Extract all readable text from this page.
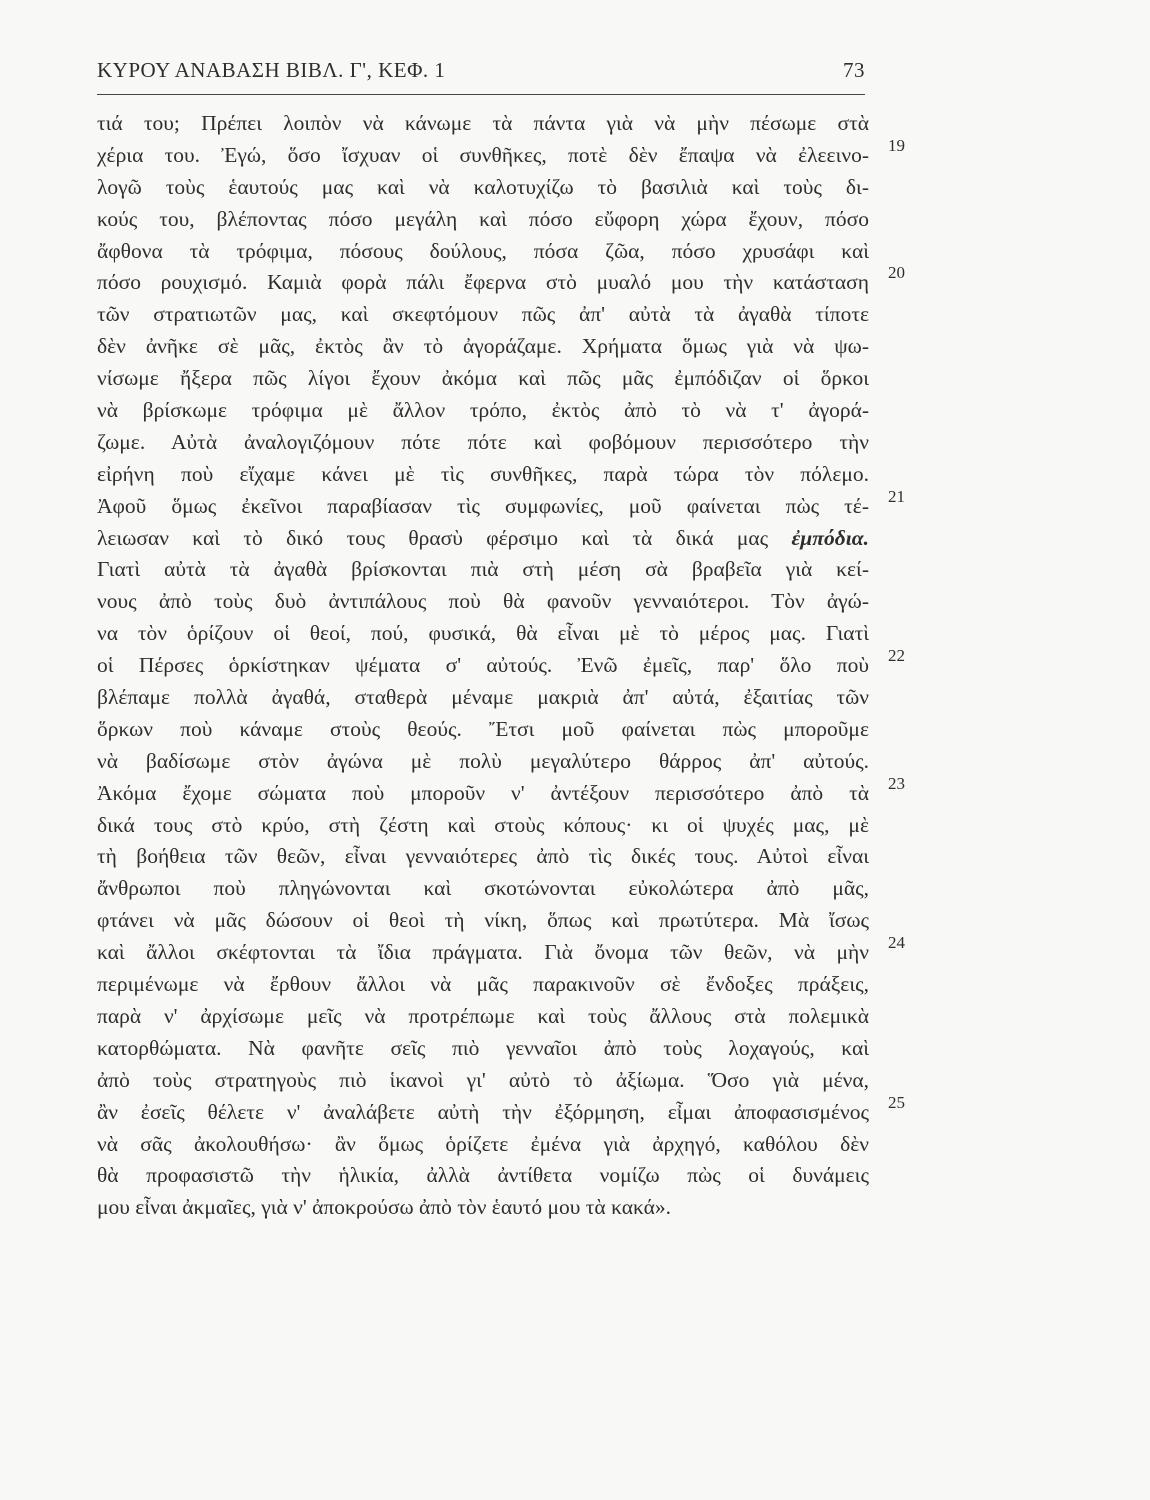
ΚΥΡΟΥ ΑΝΑΒΑΣΗ ΒΙΒΛ. Γ', ΚΕΦ. 1	73
τιά του; Πρέπει λοιπὸν νὰ κάνωμε τὰ πάντα γιὰ νὰ μὴν πέσωμε στὰ
χέρια του. Ἐγώ, ὅσο ἴσχυαν οἱ συνθῆκες, ποτὲ δὲν ἔπαψα νὰ ἐλεεινο- 19
λογῶ τοὺς ἑαυτούς μας καὶ νὰ καλοτυχίζω τὸ βασιλιὰ καὶ τοὺς δι-
κούς του, βλέποντας πόσο μεγάλη καὶ πόσο εὔφορη χώρα ἔχουν, πόσο
ἄφθονα τὰ τρόφιμα, πόσους δούλους, πόσα ζῶα, πόσο χρυσάφι καὶ
πόσο ρουχισμό. Καμιὰ φορὰ πάλι ἔφερνα στὸ μυαλό μου τὴν κατάσταση 20
τῶν στρατιωτῶν μας, καὶ σκεφτόμουν πῶς ἀπ' αὐτὰ τὰ ἀγαθὰ τίποτε
δὲν ἀνῆκε σὲ μᾶς, ἐκτὸς ἂν τὸ ἀγοράζαμε. Χρήματα ὅμως γιὰ νὰ ψω-
νίσωμε ἤξερα πῶς λίγοι ἔχουν ἀκόμα καὶ πῶς μᾶς ἐμπόδιζαν οἱ ὅρκοι
νὰ βρίσκωμε τρόφιμα μὲ ἄλλον τρόπο, ἐκτὸς ἀπὸ τὸ νὰ τ' ἀγορά-
ζωμε. Αὐτὰ ἀναλογιζόμουν πότε πότε καὶ φοβόμουν περισσότερο τὴν
εἰρήνη ποὺ εἴχαμε κάνει μὲ τὶς συνθῆκες, παρὰ τώρα τὸν πόλεμο.
Ἀφοῦ ὅμως ἐκεῖνοι παραβίασαν τὶς συμφωνίες, μοῦ φαίνεται πὼς τέ- 21
λειωσαν καὶ τὸ δικό τους θρασὺ φέρσιμο καὶ τὰ δικά μας ἐμπόδια.
Γιατὶ αὐτὰ τὰ ἀγαθὰ βρίσκονται πιὰ στὴ μέση σὰ βραβεῖα γιὰ κεί-
νους ἀπὸ τοὺς δυὸ ἀντιπάλους ποὺ θὰ φανοῦν γενναιότεροι. Τὸν ἀγώ-
να τὸν ὁρίζουν οἱ θεοί, πού, φυσικά, θὰ εἶναι μὲ τὸ μέρος μας. Γιατὶ
οἱ Πέρσες ὁρκίστηκαν ψέματα σ' αὐτούς. Ἐνῶ ἐμεῖς, παρ' ὅλο ποὺ 22
βλέπαμε πολλὰ ἀγαθά, σταθερὰ μέναμε μακριὰ ἀπ' αὐτά, ἐξαιτίας τῶν
ὅρκων ποὺ κάναμε στοὺς θεούς. Ἔτσι μοῦ φαίνεται πὼς μποροῦμε
νὰ βαδίσωμε στὸν ἀγώνα μὲ πολὺ μεγαλύτερο θάρρος ἀπ' αὐτούς.
Ἀκόμα ἔχομε σώματα ποὺ μποροῦν ν' ἀντέξουν περισσότερο ἀπὸ τὰ 23
δικά τους στὸ κρύο, στὴ ζέστη καὶ στοὺς κόπους· κι οἱ ψυχές μας, μὲ
τὴ βοήθεια τῶν θεῶν, εἶναι γενναιότερες ἀπὸ τὶς δικές τους. Αὐτοὶ εἶναι
ἄνθρωποι ποὺ πληγώνονται καὶ σκοτώνονται εὐκολώτερα ἀπὸ μᾶς,
φτάνει νὰ μᾶς δώσουν οἱ θεοὶ τὴ νίκη, ὅπως καὶ πρωτύτερα. Μὰ ἴσως
καὶ ἄλλοι σκέφτονται τὰ ἴδια πράγματα. Γιὰ ὄνομα τῶν θεῶν, νὰ μὴν 24
περιμένωμε νὰ ἔρθουν ἄλλοι νὰ μᾶς παρακινοῦν σὲ ἔνδοξες πράξεις,
παρὰ ν' ἀρχίσωμε μεῖς νὰ προτρέπωμε καὶ τοὺς ἄλλους στὰ πολεμικὰ
κατορθώματα. Νὰ φανῆτε σεῖς πιὸ γενναῖοι ἀπὸ τοὺς λοχαγούς, καὶ
ἀπὸ τοὺς στρατηγοὺς πιὸ ἱκανοὶ γι' αὐτὸ τὸ ἀξίωμα. Ὅσο γιὰ μένα,
ἂν ἐσεῖς θέλετε ν' ἀναλάβετε αὐτὴ τὴν ἐξόρμηση, εἶμαι ἀποφασισμένος 25
νὰ σᾶς ἀκολουθήσω· ἂν ὅμως ὁρίζετε ἐμένα γιὰ ἀρχηγό, καθόλου δὲν
θὰ προφασιστῶ τὴν ἡλικία, ἀλλὰ ἀντίθετα νομίζω πὼς οἱ δυνάμεις
μου εἶναι ἀκμαῖες, γιὰ ν' ἀποκρούσω ἀπὸ τὸν ἑαυτό μου τὰ κακά».
